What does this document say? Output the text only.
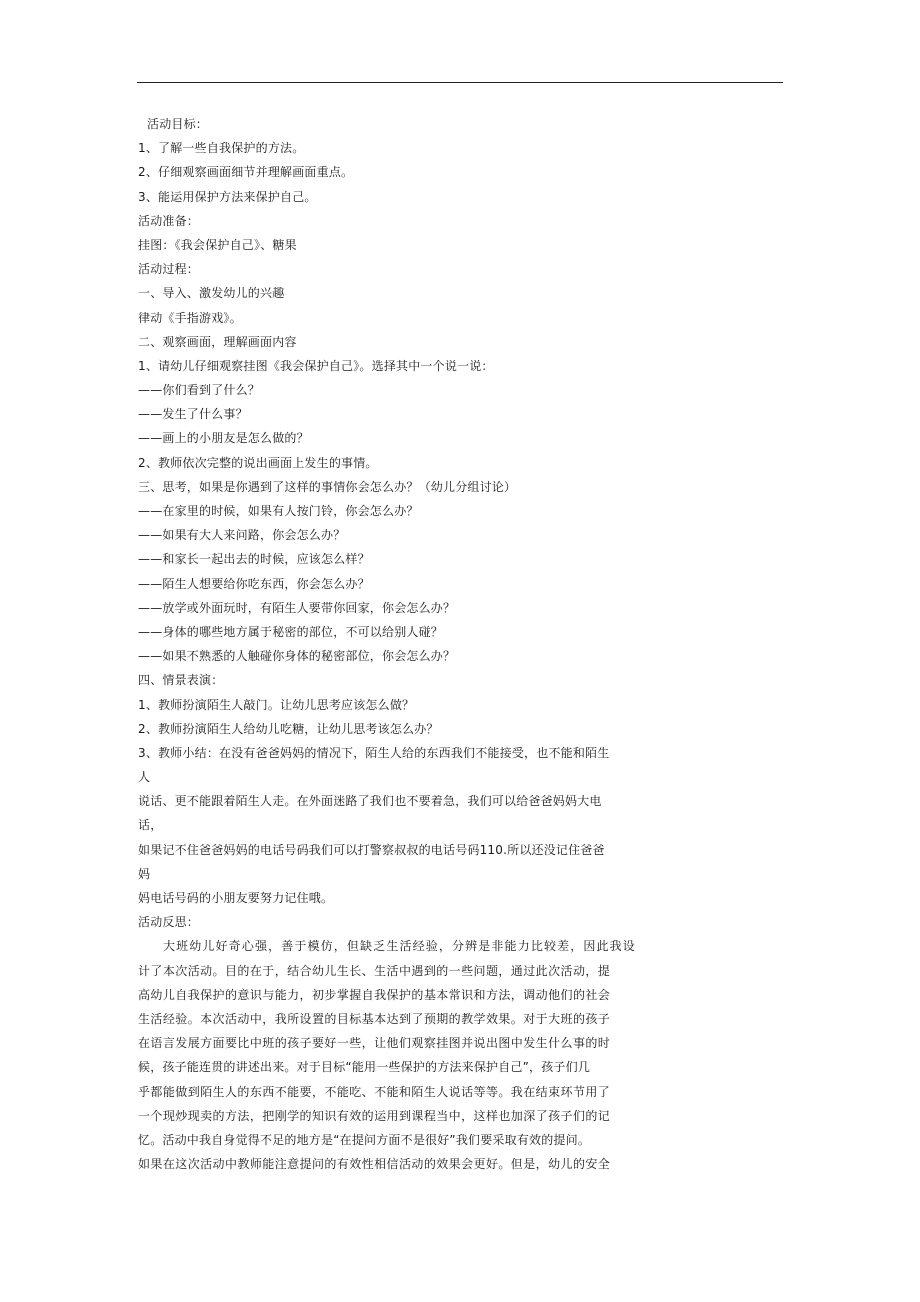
活动目标：
1、了解一些自我保护的方法。
2、仔细观察画面细节并理解画面重点。
3、能运用保护方法来保护自己。
活动准备：
挂图：《我会保护自己》、糖果
活动过程：
一、导入、激发幼儿的兴趣
律动《手指游戏》。
二、观察画面，理解画面内容
1、请幼儿仔细观察挂图《我会保护自己》。选择其中一个说一说：
——你们看到了什么？
——发生了什么事？
——画上的小朋友是怎么做的？
2、教师依次完整的说出画面上发生的事情。
三、思考，如果是你遇到了这样的事情你会怎么办？（幼儿分组讨论）
——在家里的时候，如果有人按门铃，你会怎么办？
——如果有大人来问路，你会怎么办？
——和家长一起出去的时候，应该怎么样？
——陌生人想要给你吃东西，你会怎么办？
——放学或外面玩时，有陌生人要带你回家，你会怎么办？
——身体的哪些地方属于秘密的部位，不可以给别人碰？
——如果不熟悉的人触碰你身体的秘密部位，你会怎么办？
四、情景表演：
1、教师扮演陌生人敲门。让幼儿思考应该怎么做？
2、教师扮演陌生人给幼儿吃糖，让幼儿思考该怎么办？
3、教师小结：在没有爸爸妈妈的情况下，陌生人给的东西我们不能接受，也不能和陌生
人
说话、更不能跟着陌生人走。在外面迷路了我们也不要着急，我们可以给爸爸妈妈大电
话，
如果记不住爸爸妈妈的电话号码我们可以打警察叔叔的电话号码110.所以还没记住爸爸
妈
妈电话号码的小朋友要努力记住哦。
活动反思：
大班幼儿好奇心强，善于模仿，但缺乏生活经验，分辨是非能力比较差，因此我设
计了本次活动。目的在于，结合幼儿生长、生活中遇到的一些问题，通过此次活动，提
高幼儿自我保护的意识与能力，初步掌握自我保护的基本常识和方法，调动他们的社会
生活经验。本次活动中，我所设置的目标基本达到了预期的教学效果。对于大班的孩子
在语言发展方面要比中班的孩子要好一些，让他们观察挂图并说出图中发生什么事的时
候，孩子能连贯的讲述出来。对于目标“能用一些保护的方法来保护自己”，孩子们几
乎都能做到陌生人的东西不能要，不能吃、不能和陌生人说话等等。我在结束环节用了
一个现炒现卖的方法，把刚学的知识有效的运用到课程当中，这样也加深了孩子们的记
忆。活动中我自身觉得不足的地方是“在提问方面不是很好”我们要采取有效的提问。
如果在这次活动中教师能注意提问的有效性相信活动的效果会更好。但是，幼儿的安全
